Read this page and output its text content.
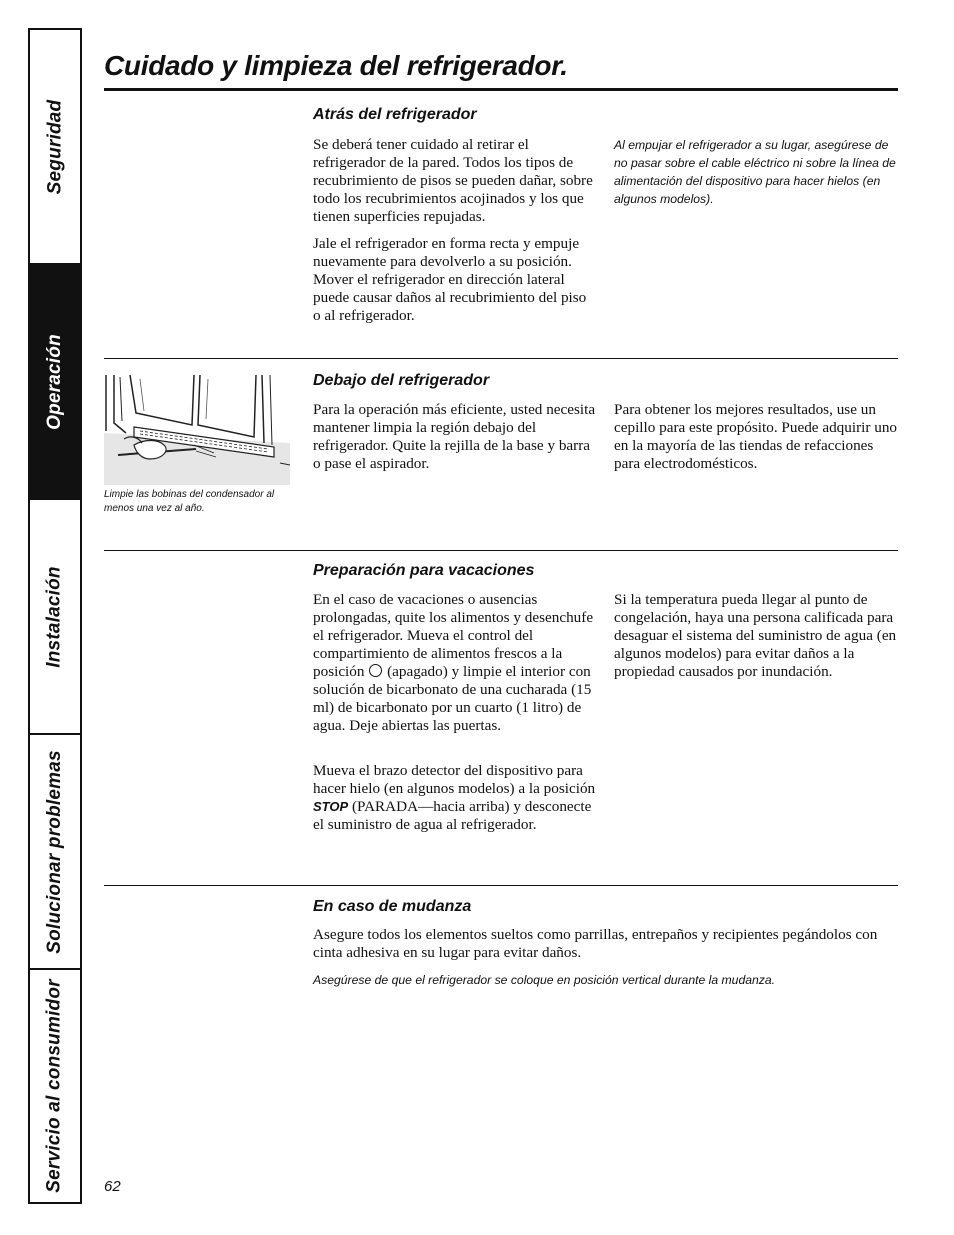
Seguridad
Operación
Instalación
Solucionar problemas
Servicio al consumidor
Cuidado y limpieza del refrigerador.
Atrás del refrigerador

Se deberá tener cuidado al retirar el refrigerador de la pared. Todos los tipos de recubrimiento de pisos se pueden dañar, sobre todo los recubrimientos acojinados y los que tienen superficies repujadas.

Jale el refrigerador en forma recta y empuje nuevamente para devolverlo a su posición. Mover el refrigerador en dirección lateral puede causar daños al recubrimiento del piso o al refrigerador.

Al empujar el refrigerador a su lugar, asegúrese de no pasar sobre el cable eléctrico ni sobre la línea de alimentación del dispositivo para hacer hielos (en algunos modelos).

Limpie las bobinas del condensador al menos una vez al año.

Debajo del refrigerador

Para la operación más eficiente, usted necesita mantener limpia la región debajo del refrigerador. Quite la rejilla de la base y barra o pase el aspirador.

Para obtener los mejores resultados, use un cepillo para este propósito. Puede adquirir uno en la mayoría de las tiendas de refacciones para electrodomésticos.

Preparación para vacaciones

En el caso de vacaciones o ausencias prolongadas, quite los alimentos y desenchufe el refrigerador. Mueva el control del compartimiento de alimentos frescos a la posición (apagado) y limpie el interior con solución de bicarbonato de una cucharada (15 ml) de bicarbonato por un cuarto (1 litro) de agua. Deje abiertas las puertas.

Mueva el brazo detector del dispositivo para hacer hielo (en algunos modelos) a la posición STOP (PARADA—hacia arriba) y desconecte el suministro de agua al refrigerador.

Si la temperatura pueda llegar al punto de congelación, haya una persona calificada para desaguar el sistema del suministro de agua (en algunos modelos) para evitar daños a la propiedad causados por inundación.

En caso de mudanza

Asegure todos los elementos sueltos como parrillas, entrepaños y recipientes pegándolos con cinta adhesiva en su lugar para evitar daños.

Asegúrese de que el refrigerador se coloque en posición vertical durante la mudanza.

62
